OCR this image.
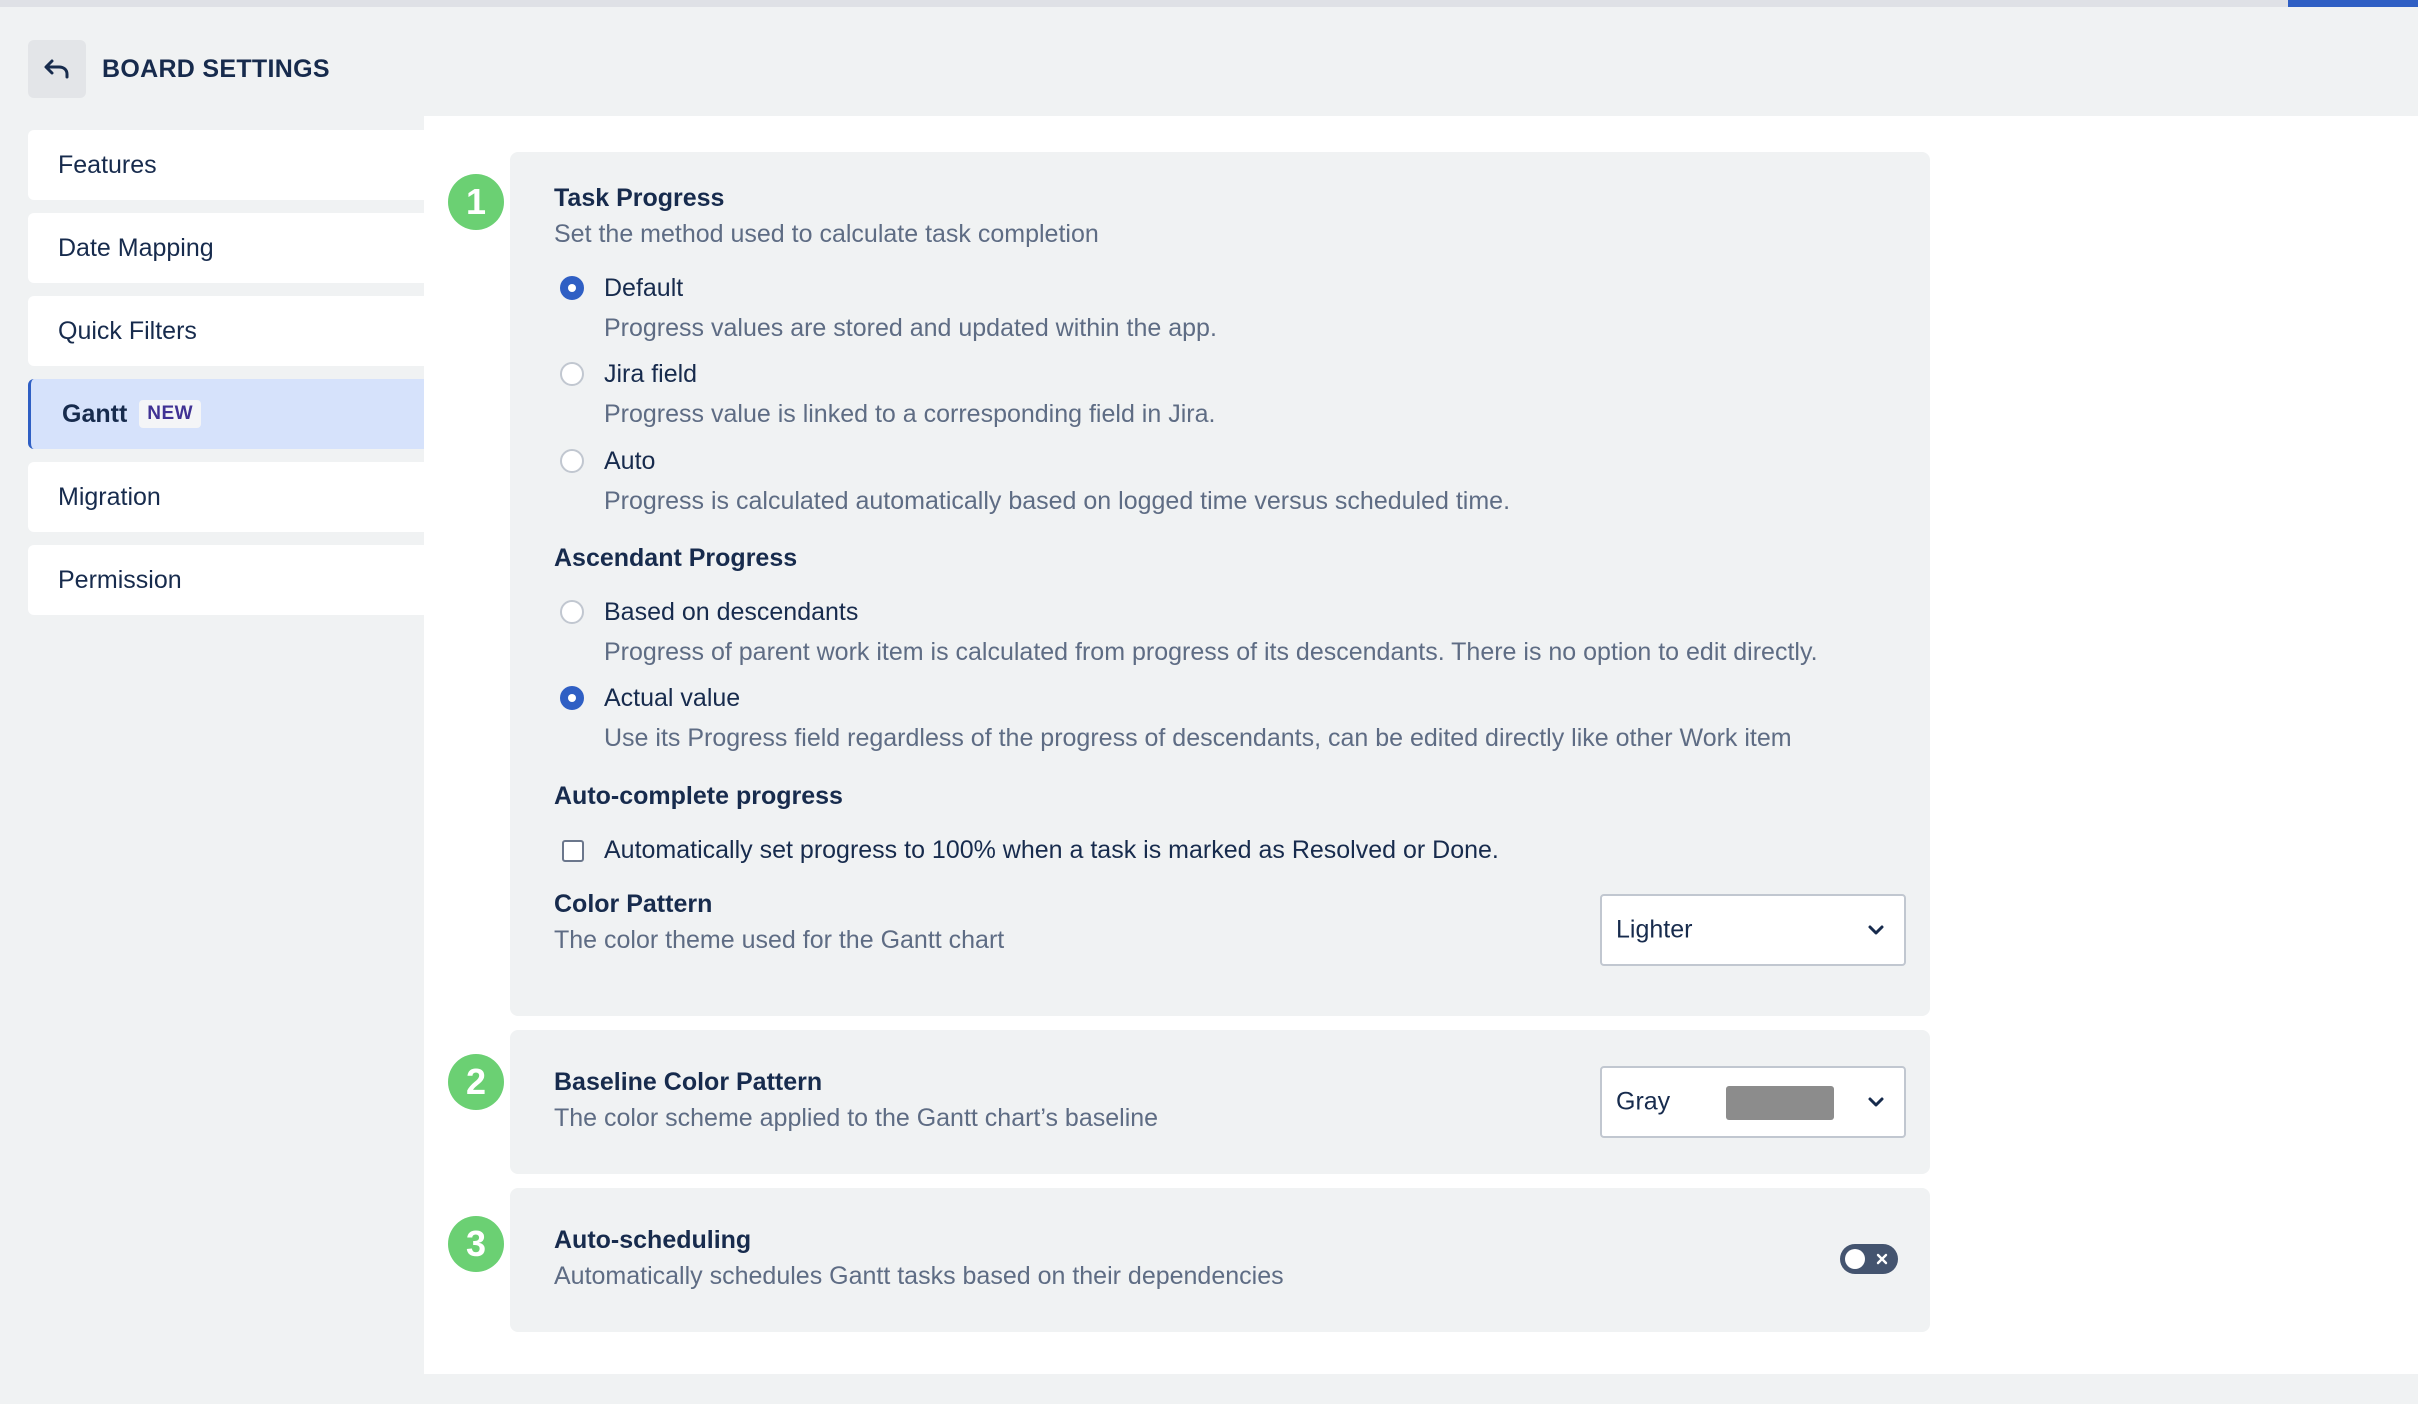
BOARD SETTINGS
Features
Date Mapping
Quick Filters
Gantt	NEW
Migration
Permission
1	Task Progress
Set the method used to calculate task completion
Default
Progress values are stored and updated within the app.
Jira field
Progress value is linked to a corresponding field in Jira.
Auto
Progress is calculated automatically based on logged time versus scheduled time.
Ascendant Progress
Based on descendants
Progress of parent work item is calculated from progress of its descendants. There is no option to edit directly.
Actual value
Use its Progress field regardless of the progress of descendants, can be edited directly like other Work item
Auto-complete progress
Automatically set progress to 100% when a task is marked as Resolved or Done.
Color Pattern
The color theme used for the Gantt chart	Lighter
2	Baseline Color Pattern
The color scheme applied to the Gantt chart’s baseline
Gray
3	Auto-scheduling
Automatically schedules Gantt tasks based on their dependencies
